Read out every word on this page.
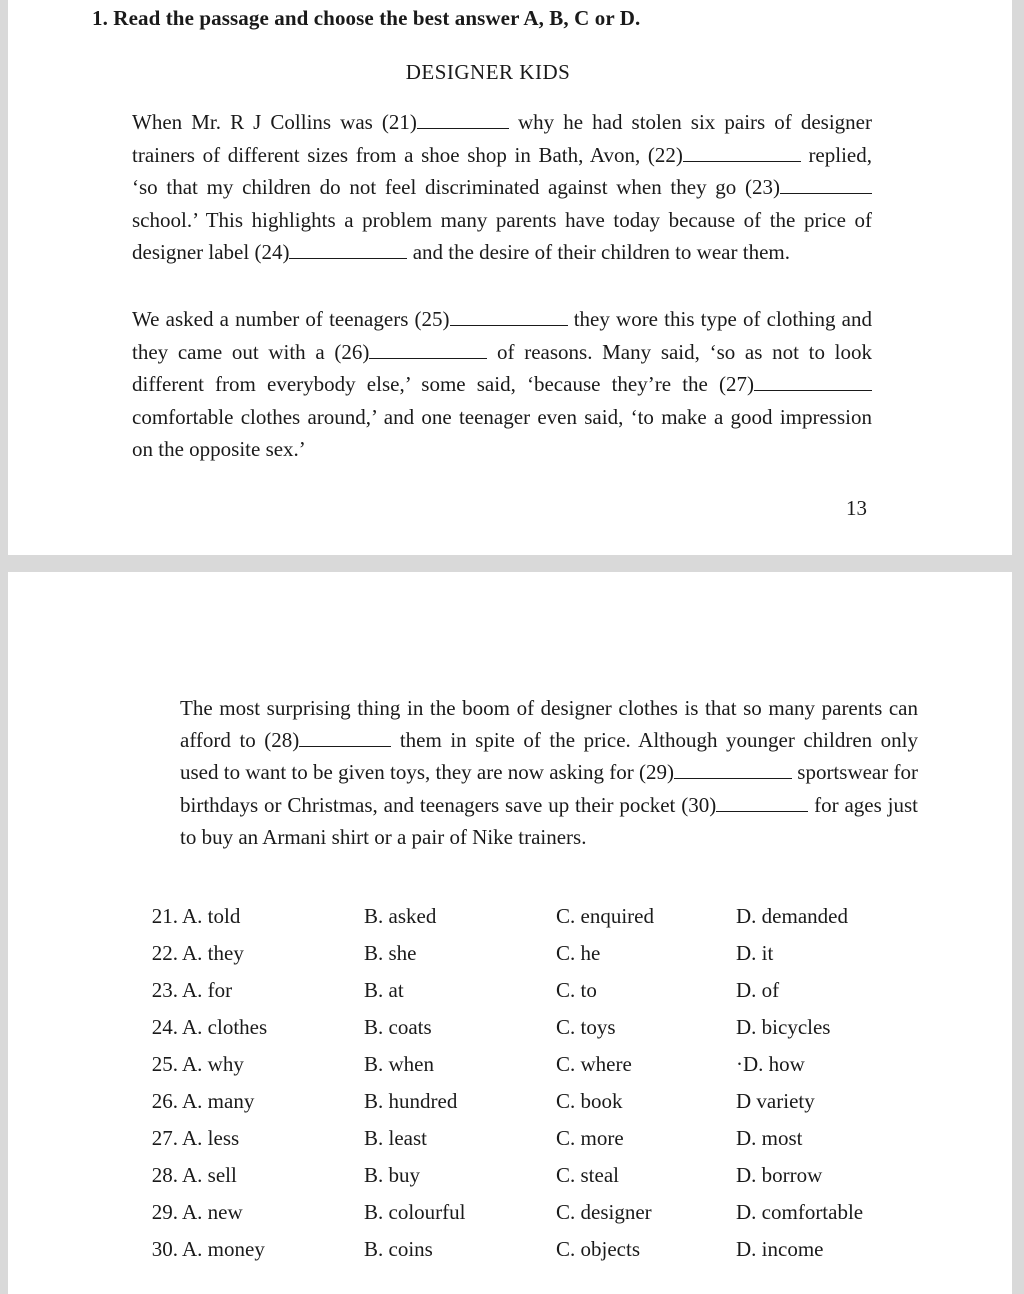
1. Read the passage and choose the best answer A, B, C or D.
DESIGNER KIDS
When Mr. R J Collins was (21)	why he had stolen six pairs of designer trainers of different sizes from a shoe shop in Bath, Avon, (22)	replied, ‘so that my children do not feel discriminated against when they go (23) school.’ This highlights a problem many parents have today because of the price of designer label (24)	and the desire of their children to wear them.
We asked a number of teenagers (25)	they wore this type of clothing and they came out with a (26)	of reasons. Many said, ‘so as not to look different from everybody else,’ some said, ‘because they’re the (27) comfortable clothes around,’ and one teenager even said, ‘to make a good impression on the opposite sex.’
13
The most surprising thing in the boom of designer clothes is that so many parents can afford to (28)	them in spite of the price. Although younger children only used to want to be given toys, they are now asking for (29)	sportswear for birthdays or Christmas, and teenagers save up their pocket (30)	for ages just to buy an Armani shirt or a pair of Nike trainers.
21. A. told	B. asked	C. enquired	D. demanded
22. A. they	B. she	C. he	D. it
23. A. for	B. at	C. to	D. of
24. A. clothes	B. coats	C. toys	D. bicycles
25. A. why	B. when	C. where	·D. how
26. A. many	B. hundred	C. book	D variety
27. A. less	B. least	C. more	D. most
28. A. sell	B. buy	C. steal	D. borrow
29. A. new	B. colourful	C. designer	D. comfortable
30. A. money	B. coins	C. objects	D. income
